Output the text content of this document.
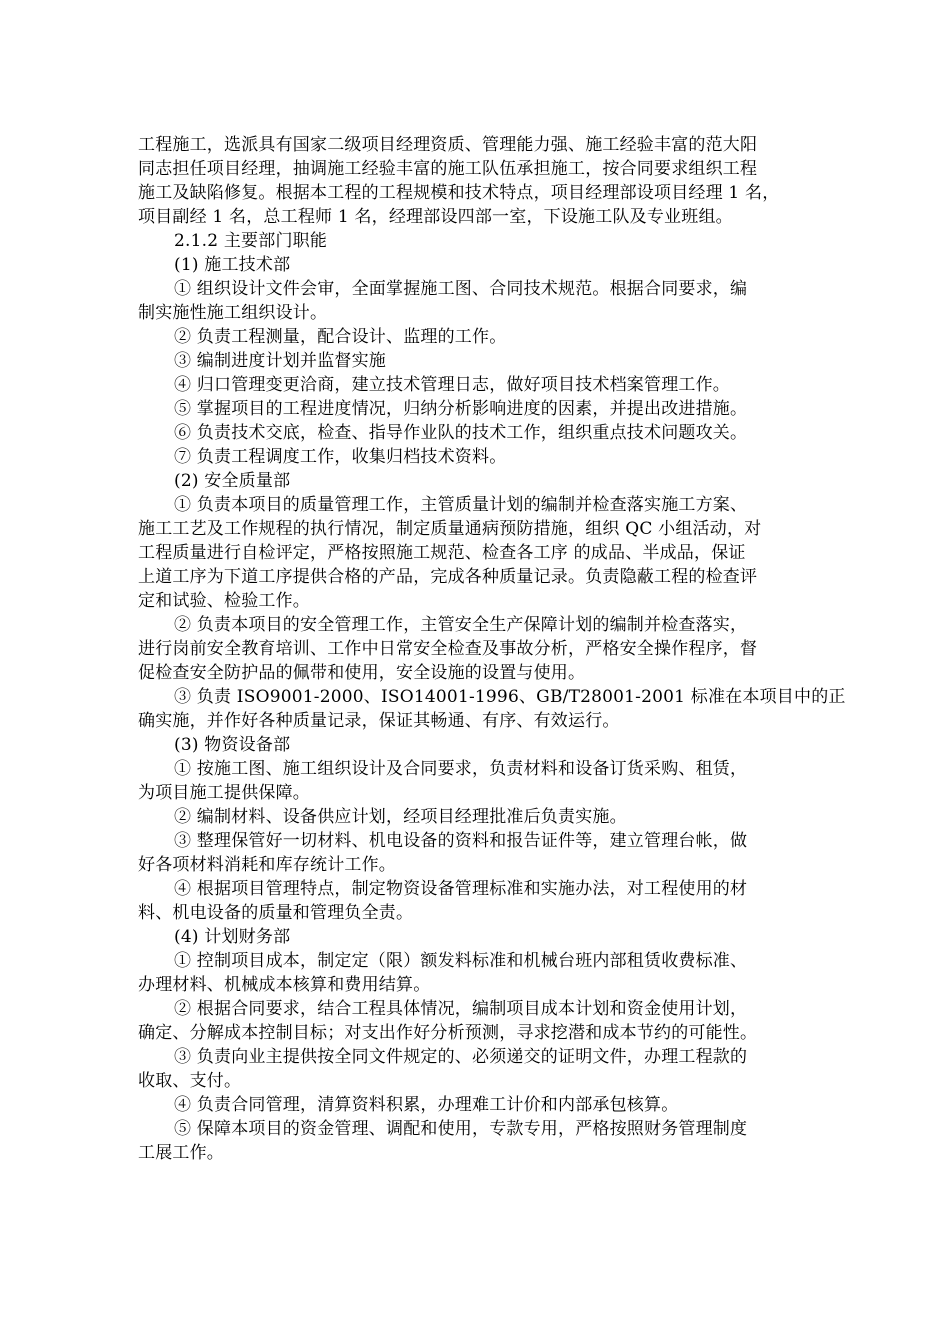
工程施工，选派具有国家二级项目经理资质、管理能力强、施工经验丰富的范大阳
同志担任项目经理，抽调施工经验丰富的施工队伍承担施工，按合同要求组织工程
施工及缺陷修复。根据本工程的工程规模和技术特点，项目经理部设项目经理 1 名，
项目副经 1 名，总工程师 1 名，经理部设四部一室，下设施工队及专业班组。
2.1.2 主要部门职能
(1) 施工技术部
① 组织设计文件会审，全面掌握施工图、合同技术规范。根据合同要求，编
制实施性施工组织设计。
② 负责工程测量，配合设计、监理的工作。
③ 编制进度计划并监督实施
④ 归口管理变更洽商，建立技术管理日志，做好项目技术档案管理工作。
⑤ 掌握项目的工程进度情况，归纳分析影响进度的因素，并提出改进措施。
⑥ 负责技术交底，检查、指导作业队的技术工作，组织重点技术问题攻关。
⑦ 负责工程调度工作，收集归档技术资料。
(2) 安全质量部
① 负责本项目的质量管理工作，主管质量计划的编制并检查落实施工方案、
施工工艺及工作规程的执行情况，制定质量通病预防措施，组织 QC 小组活动，对
工程质量进行自检评定，严格按照施工规范、检查各工序 的成品、半成品，保证
上道工序为下道工序提供合格的产品，完成各种质量记录。负责隐蔽工程的检查评
定和试验、检验工作。
② 负责本项目的安全管理工作，主管安全生产保障计划的编制并检查落实，
进行岗前安全教育培训、工作中日常安全检查及事故分析，严格安全操作程序，督
促检查安全防护品的佩带和使用，安全设施的设置与使用。
③ 负责 ISO9001-2000、ISO14001-1996、GB/T28001-2001 标准在本项目中的正
确实施，并作好各种质量记录，保证其畅通、有序、有效运行。
(3) 物资设备部
① 按施工图、施工组织设计及合同要求，负责材料和设备订货采购、租赁，
为项目施工提供保障。
② 编制材料、设备供应计划，经项目经理批准后负责实施。
③ 整理保管好一切材料、机电设备的资料和报告证件等，建立管理台帐，做
好各项材料消耗和库存统计工作。
④ 根据项目管理特点，制定物资设备管理标准和实施办法，对工程使用的材
料、机电设备的质量和管理负全责。
(4) 计划财务部
① 控制项目成本，制定定（限）额发料标准和机械台班内部租赁收费标准、
办理材料、机械成本核算和费用结算。
② 根据合同要求，结合工程具体情况，编制项目成本计划和资金使用计划，
确定、分解成本控制目标；对支出作好分析预测，寻求挖潜和成本节约的可能性。
③ 负责向业主提供按全同文件规定的、必须递交的证明文件，办理工程款的
收取、支付。
④ 负责合同管理，清算资料积累，办理难工计价和内部承包核算。
⑤ 保障本项目的资金管理、调配和使用，专款专用，严格按照财务管理制度
工展工作。
